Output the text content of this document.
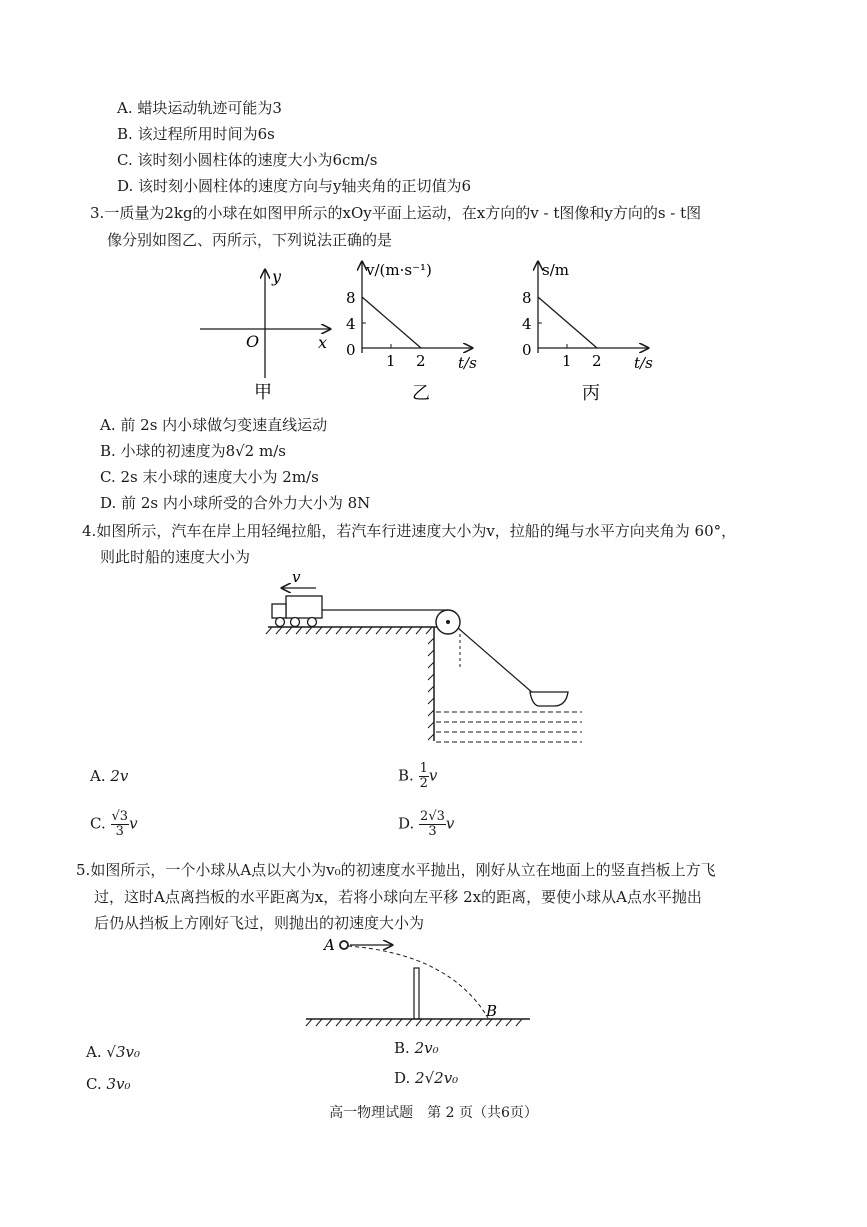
A. 蜡块运动轨迹可能为3
B. 该过程所用时间为6s
C. 该时刻小圆柱体的速度大小为6cm/s
D. 该时刻小圆柱体的速度方向与y轴夹角的正切值为6
3.一质量为2kg的小球在如图甲所示的xOy平面上运动，在x方向的v - t图像和y方向的s - t图
像分别如图乙、丙所示，下列说法正确的是
y
x
O
甲
v/(m·s⁻¹)
8
4
0
1 2 t/s
乙
s/m
8
4
0
1 2 t/s
丙
A. 前 2s 内小球做匀变速直线运动
B. 小球的初速度为8√2 m/s
C. 2s 末小球的速度大小为 2m/s
D. 前 2s 内小球所受的合外力大小为 8N
4.如图所示，汽车在岸上用轻绳拉船，若汽车行进速度大小为v，拉船的绳与水平方向夹角为 60°，
则此时船的速度大小为
v
A. 2v	B. $\frac{1}{2}$ v
C. $\frac{√3}{3}$ v	D. $\frac{2√3}{3}$ v
5.如图所示，一个小球从A点以大小为v₀的初速度水平抛出，刚好从立在地面上的竖直挡板上方飞
过，这时A点离挡板的水平距离为x，若将小球向左平移 2x的距离，要使小球从A点水平抛出
后仍从挡板上方刚好飞过，则抛出的初速度大小为
A
B
A. √3v₀	B. 2v₀
C. 3v₀	D. 2√2v₀
高一物理试题　第 2 页（共6页）
